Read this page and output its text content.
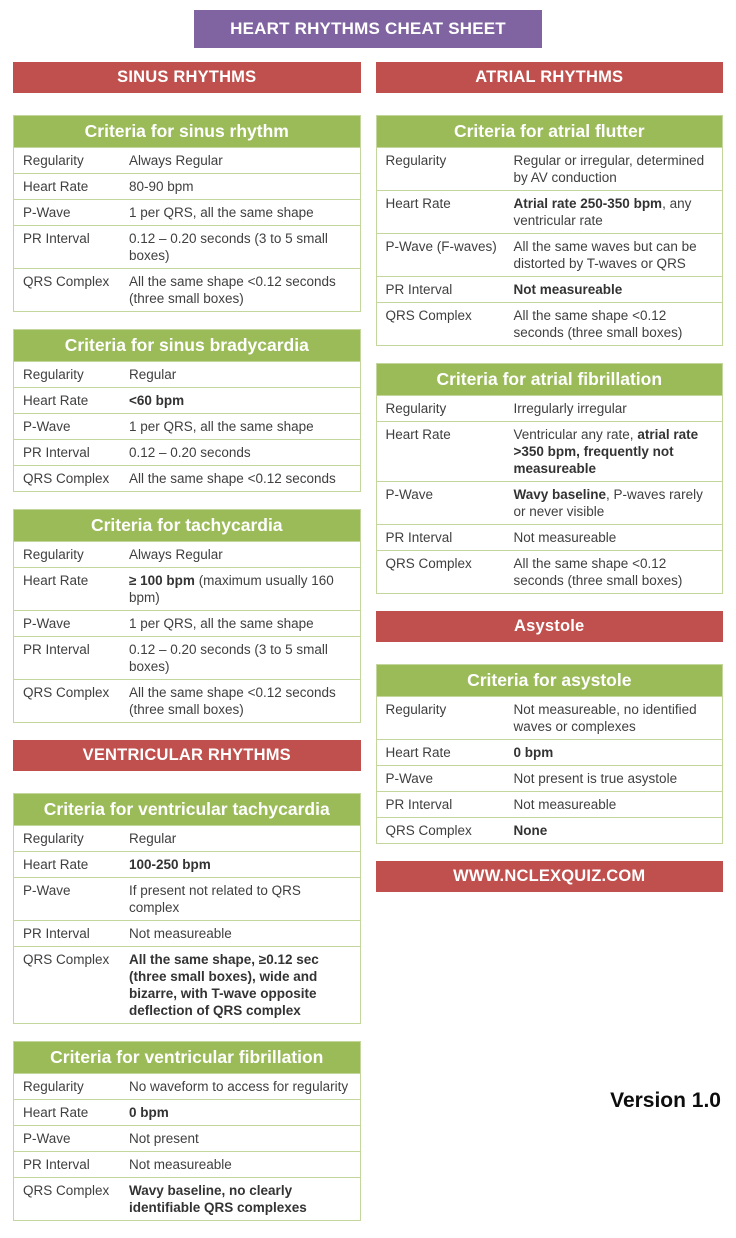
HEART RHYTHMS CHEAT SHEET
SINUS RHYTHMS
Criteria for sinus rhythm
Regularity	Always Regular
Heart Rate	80-90 bpm
P-Wave	1 per QRS, all the same shape
PR Interval	0.12 – 0.20 seconds (3 to 5 small boxes)
QRS Complex	All the same shape <0.12 seconds (three small boxes)
Criteria for sinus bradycardia
Regularity	Regular
Heart Rate	<60 bpm
P-Wave	1 per QRS, all the same shape
PR Interval	0.12 – 0.20 seconds
QRS Complex	All the same shape <0.12 seconds
Criteria for tachycardia
Regularity	Always Regular
Heart Rate	≥ 100 bpm (maximum usually 160 bpm)
P-Wave	1 per QRS, all the same shape
PR Interval	0.12 – 0.20 seconds (3 to 5 small boxes)
QRS Complex	All the same shape <0.12 seconds (three small boxes)
VENTRICULAR RHYTHMS
Criteria for ventricular tachycardia
Regularity	Regular
Heart Rate	100-250 bpm
P-Wave	If present not related to QRS complex
PR Interval	Not measureable
QRS Complex	All the same shape, ≥0.12 sec (three small boxes), wide and bizarre, with T-wave opposite deflection of QRS complex
Criteria for ventricular fibrillation
Regularity	No waveform to access for regularity
Heart Rate	0 bpm
P-Wave	Not present
PR Interval	Not measureable
QRS Complex	Wavy baseline, no clearly identifiable QRS complexes
ATRIAL RHYTHMS
Criteria for atrial flutter
Regularity	Regular or irregular, determined by AV conduction
Heart Rate	Atrial rate 250-350 bpm, any ventricular rate
P-Wave (F-waves)	All the same waves but can be distorted by T-waves or QRS
PR Interval	Not measureable
QRS Complex	All the same shape <0.12 seconds (three small boxes)
Criteria for atrial fibrillation
Regularity	Irregularly irregular
Heart Rate	Ventricular any rate, atrial rate >350 bpm, frequently not measureable
P-Wave	Wavy baseline, P-waves rarely or never visible
PR Interval	Not measureable
QRS Complex	All the same shape <0.12 seconds (three small boxes)
Asystole
Criteria for asystole
Regularity	Not measureable, no identified waves or complexes
Heart Rate	0 bpm
P-Wave	Not present is true asystole
PR Interval	Not measureable
QRS Complex	None
WWW.NCLEXQUIZ.COM
Version 1.0
